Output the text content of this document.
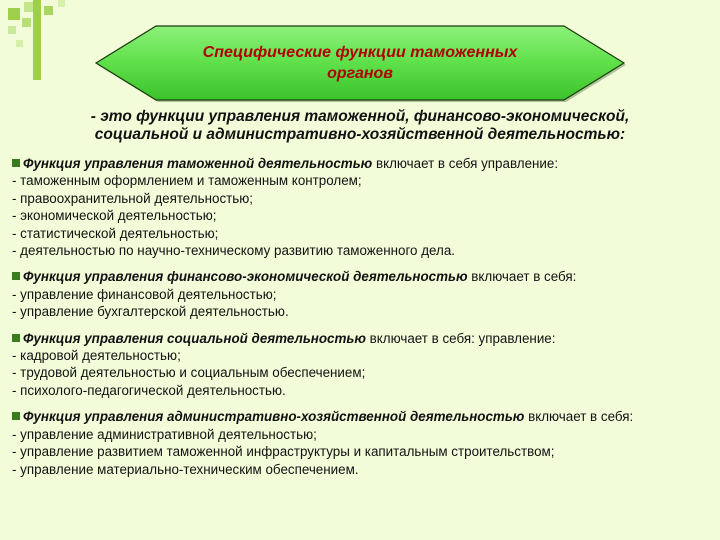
Специфические функции таможенных
органов
- это функции управления таможенной, финансово-экономической,
социальной и административно-хозяйственной деятельностью:
Функция управления таможенной деятельностью включает в себя управление:
- таможенным оформлением и таможенным контролем;
- правоохранительной деятельностью;
- экономической деятельностью;
- статистической деятельностью;
- деятельностью по научно-техническому развитию таможенного дела.
Функция управления финансово-экономической деятельностью включает в себя:
- управление финансовой деятельностью;
- управление бухгалтерской деятельностью.
Функция управления социальной деятельностью включает в себя: управление:
- кадровой деятельностью;
- трудовой деятельностью и социальным обеспечением;
- психолого-педагогической деятельностью.
Функция управления административно-хозяйственной деятельностью включает в себя:
- управление административной деятельностью;
- управление развитием таможенной инфраструктуры и капитальным строительством;
- управление материально-техническим обеспечением.
